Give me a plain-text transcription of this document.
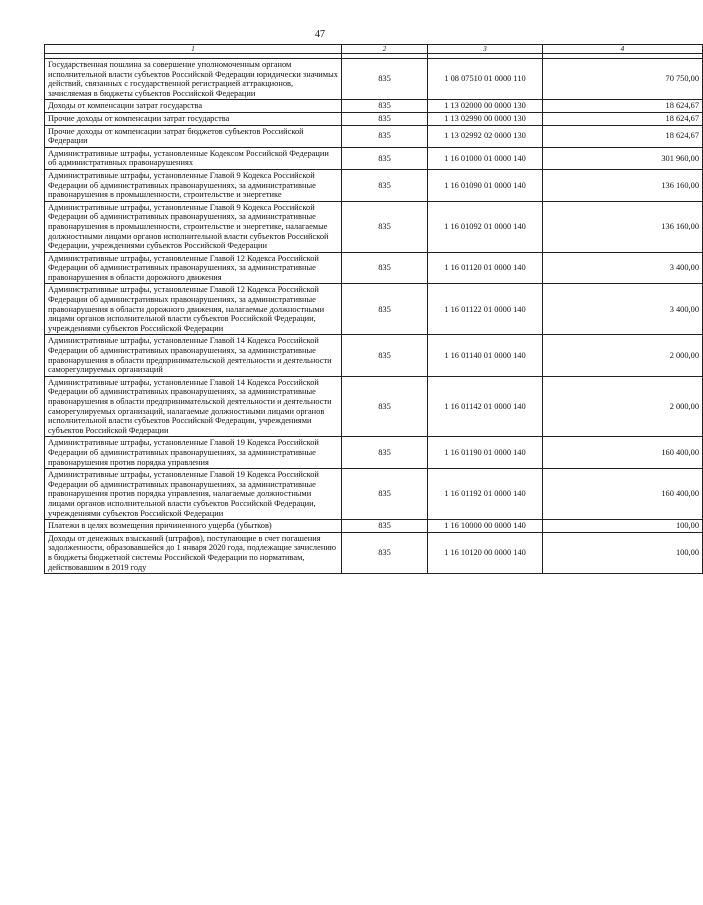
47
1	2	3	4

Государственная пошлина за совершение уполномоченным органом исполнительной власти субъектов Российской Федерации юридически значимых действий, связанных с государственной регистрацией аттракционов, зачисляемая в бюджеты субъектов Российской Федерации	835	1 08 07510 01 0000 110	70 750,00
Доходы от компенсации затрат государства	835	1 13 02000 00 0000 130	18 624,67
Прочие доходы от компенсации затрат государства	835	1 13 02990 00 0000 130	18 624,67
Прочие доходы от компенсации затрат бюджетов субъектов Российской Федерации	835	1 13 02992 02 0000 130	18 624,67
Административные штрафы, установленные Кодексом Российской Федерации об административных правонарушениях	835	1 16 01000 01 0000 140	301 960,00
Административные штрафы, установленные Главой 9 Кодекса Российской Федерации об административных правонарушениях, за административные правонарушения в промышленности, строительстве и энергетике	835	1 16 01090 01 0000 140	136 160,00
Административные штрафы, установленные Главой 9 Кодекса Российской Федерации об административных правонарушениях, за административные правонарушения в промышленности, строительстве и энергетике, налагаемые должностными лицами органов исполнительной власти субъектов Российской Федерации, учреждениями субъектов Российской Федерации	835	1 16 01092 01 0000 140	136 160,00
Административные штрафы, установленные Главой 12 Кодекса Российской Федерации об административных правонарушениях, за административные правонарушения в области дорожного движения	835	1 16 01120 01 0000 140	3 400,00
Административные штрафы, установленные Главой 12 Кодекса Российской Федерации об административных правонарушениях, за административные правонарушения в области дорожного движения, налагаемые должностными лицами органов исполнительной власти субъектов Российской Федерации, учреждениями субъектов Российской Федерации	835	1 16 01122 01 0000 140	3 400,00
Административные штрафы, установленные Главой 14 Кодекса Российской Федерации об административных правонарушениях, за административные правонарушения в области предпринимательской деятельности и деятельности саморегулируемых организаций	835	1 16 01140 01 0000 140	2 000,00
Административные штрафы, установленные Главой 14 Кодекса Российской Федерации об административных правонарушениях, за административные правонарушения в области предпринимательской деятельности и деятельности саморегулируемых организаций, налагаемые должностными лицами органов исполнительной власти субъектов Российской Федерации, учреждениями субъектов Российской Федерации	835	1 16 01142 01 0000 140	2 000,00
Административные штрафы, установленные Главой 19 Кодекса Российской Федерации об административных правонарушениях, за административные правонарушения против порядка управления	835	1 16 01190 01 0000 140	160 400,00
Административные штрафы, установленные Главой 19 Кодекса Российской Федерации об административных правонарушениях, за административные правонарушения против порядка управления, налагаемые должностными лицами органов исполнительной власти субъектов Российской Федерации, учреждениями субъектов Российской Федерации	835	1 16 01192 01 0000 140	160 400,00
Платежи в целях возмещения причиненного ущерба (убытков)	835	1 16 10000 00 0000 140	100,00
Доходы от денежных взысканий (штрафов), поступающие в счет погашения задолженности, образовавшейся до 1 января 2020 года, подлежащие зачислению в бюджеты бюджетной системы Российской Федерации по нормативам, действовавшим в 2019 году	835	1 16 10120 00 0000 140	100,00
